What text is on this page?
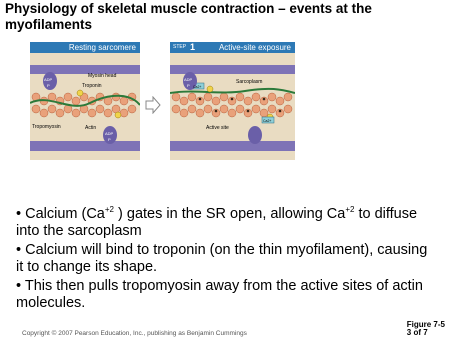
Physiology of skeletal muscle contraction – events at the myofilaments
Resting sarcomere
ADP
P
Myosin head
Troponin
Tropomyosin	Actin
ADP
P
STEP 1	Active-site exposure
ADP
P
Sarcoplasm
Ca2+
Active site
Ca2+
• Calcium ($Ca^{+2}$ ) gates in the SR open, allowing $Ca^{+2}$ to diffuse into the sarcoplasm
• Calcium will bind to troponin (on the thin myofilament), causing it to change its shape.
• This then pulls tropomyosin away from the active sites of actin molecules.
Figure 7-5
3 of 7
Copyright © 2007 Pearson Education, Inc., publishing as Benjamin Cummings
